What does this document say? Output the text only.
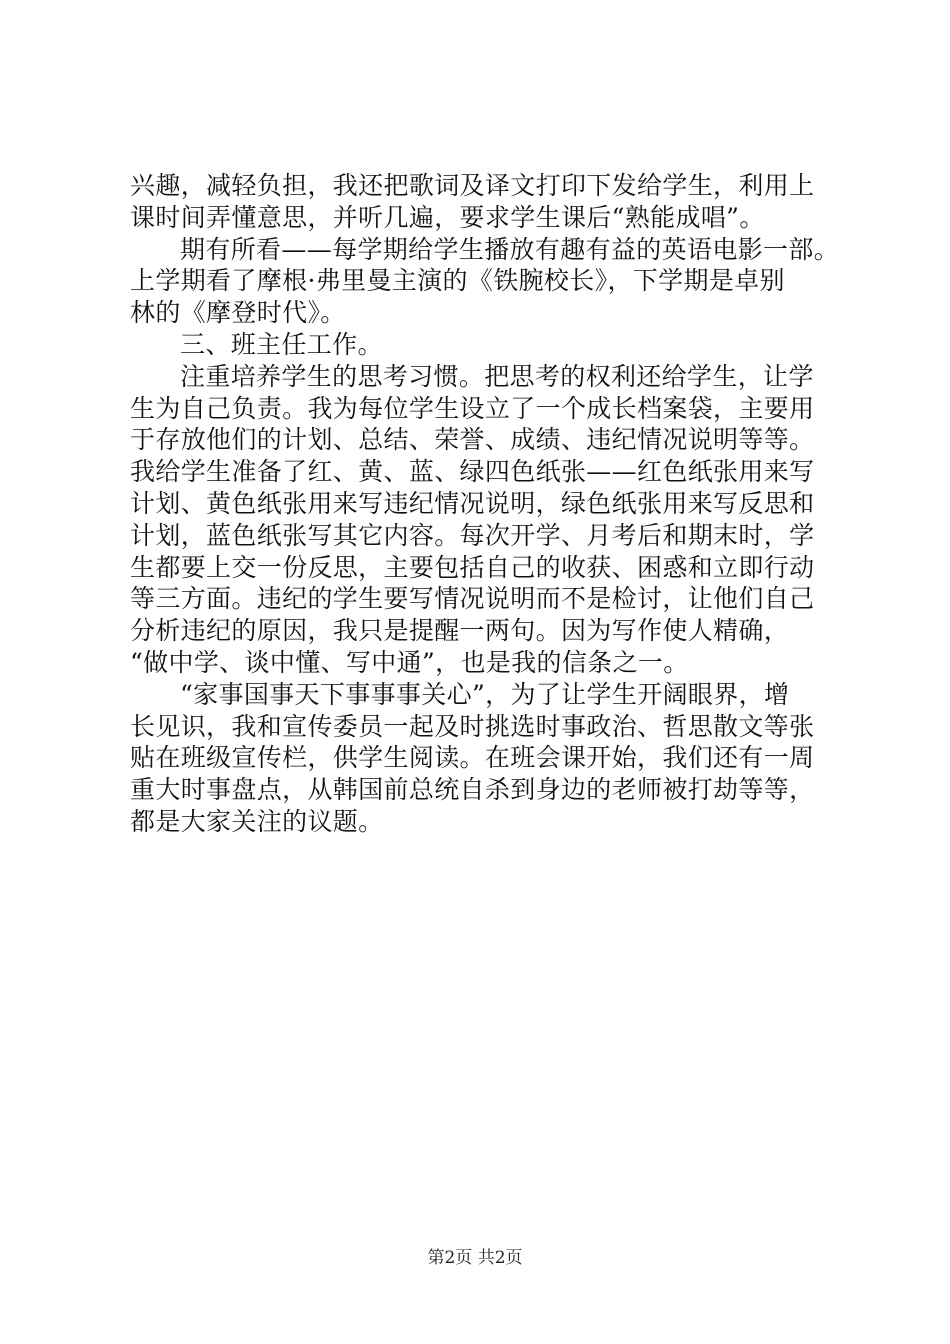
兴趣，减轻负担，我还把歌词及译文打印下发给学生，利用上
课时间弄懂意思，并听几遍，要求学生课后“熟能成唱”。
期有所看——每学期给学生播放有趣有益的英语电影一部。
上学期看了摩根·弗里曼主演的《铁腕校长》，下学期是卓别
林的《摩登时代》。
三、班主任工作。
注重培养学生的思考习惯。把思考的权利还给学生，让学
生为自己负责。我为每位学生设立了一个成长档案袋，主要用
于存放他们的计划、总结、荣誉、成绩、违纪情况说明等等。
我给学生准备了红、黄、蓝、绿四色纸张——红色纸张用来写
计划、黄色纸张用来写违纪情况说明，绿色纸张用来写反思和
计划，蓝色纸张写其它内容。每次开学、月考后和期末时，学
生都要上交一份反思，主要包括自己的收获、困惑和立即行动
等三方面。违纪的学生要写情况说明而不是检讨，让他们自己
分析违纪的原因，我只是提醒一两句。因为写作使人精确，
“做中学、谈中懂、写中通”，也是我的信条之一。
“家事国事天下事事事关心”，为了让学生开阔眼界，增
长见识，我和宣传委员一起及时挑选时事政治、哲思散文等张
贴在班级宣传栏，供学生阅读。在班会课开始，我们还有一周
重大时事盘点，从韩国前总统自杀到身边的老师被打劫等等，
都是大家关注的议题。
第2页 共2页
